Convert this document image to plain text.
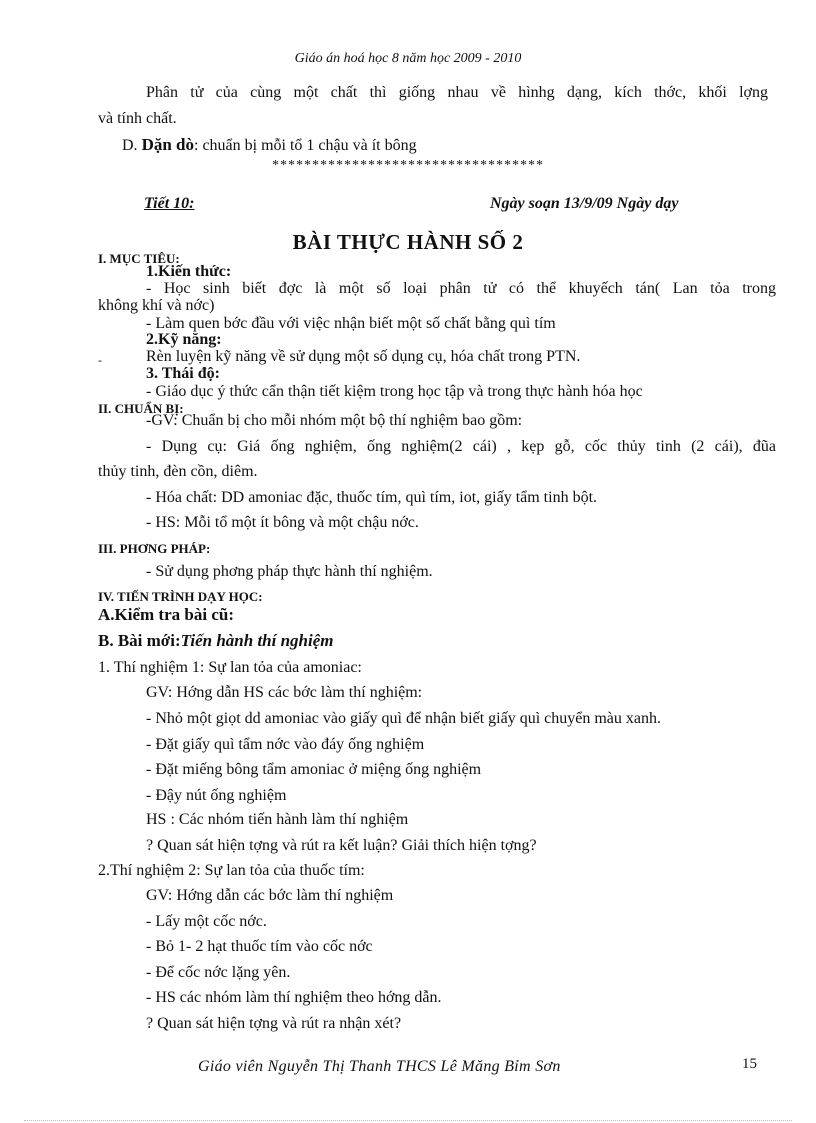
Giáo án hoá học 8 năm học 2009 - 2010
Phân tử của cùng một chất thì giống nhau về hìnhg dạng, kích thớc, khối lợng
và tính chất.
D. Dặn dò: chuẩn bị mỗi tổ 1 chậu và ít bông
**********************************
Tiết 10:	Ngày soạn 13/9/09 Ngày dạy
BÀI THỰC HÀNH SỐ 2
I. MỤC TIÊU:
1.Kiến thức:
- Học sinh biết đợc là một số loại phân tử có thể khuyếch tán( Lan tỏa trong
không khí và nớc)
- Làm quen bớc đầu với việc nhận biết một số chất bằng quì tím
2.Kỹ năng:
-	Rèn luyện kỹ năng về sử dụng một số dụng cụ, hóa chất trong PTN.
3. Thái độ:
- Giáo dục ý thức cẩn thận tiết kiệm trong học tập và trong thực hành hóa học
II. CHUẨN BỊ:
-GV: Chuẩn bị cho mỗi nhóm một bộ thí nghiệm bao gồm:
- Dụng cụ: Giá ống nghiệm, ống nghiệm(2 cái) , kẹp gỗ, cốc thủy tinh (2 cái), đũa
thủy tinh, đèn cồn, diêm.
- Hóa chất: DD amoniac đặc, thuốc tím, quì tím, iot, giấy tẩm tinh bột.
- HS: Mỗi tổ một ít bông và một chậu nớc.
III. PHƠNG PHÁP:
- Sử dụng phơng pháp thực hành thí nghiệm.
IV. TIẾN TRÌNH DẠY HỌC:
A.Kiểm tra bài cũ:
B. Bài mới:Tiến hành thí nghiệm
1. Thí nghiệm 1: Sự lan tỏa của amoniac:
GV: Hớng dẫn HS các bớc làm thí nghiệm:
- Nhỏ một giọt dd amoniac vào giấy quì để nhận biết giấy quì chuyển màu xanh.
- Đặt giấy quì tẩm nớc vào đáy ống nghiệm
- Đặt miếng bông tẩm amoniac ở miệng ống nghiệm
- Đậy nút ống nghiệm
HS : Các nhóm tiến hành làm thí nghiệm
? Quan sát hiện tợng và rút ra kết luận? Giải thích hiện tợng?
2.Thí nghiệm 2: Sự lan tỏa của thuốc tím:
GV: Hớng dẫn các bớc làm thí nghiệm
- Lấy một cốc nớc.
- Bỏ 1- 2 hạt thuốc tím vào cốc nớc
- Để cốc nớc lặng yên.
- HS các nhóm làm thí nghiệm theo hớng dẫn.
? Quan sát hiện tợng và rút ra nhận xét?
Giáo viên Nguyễn Thị Thanh THCS Lê Măng Bỉm Sơn	15
